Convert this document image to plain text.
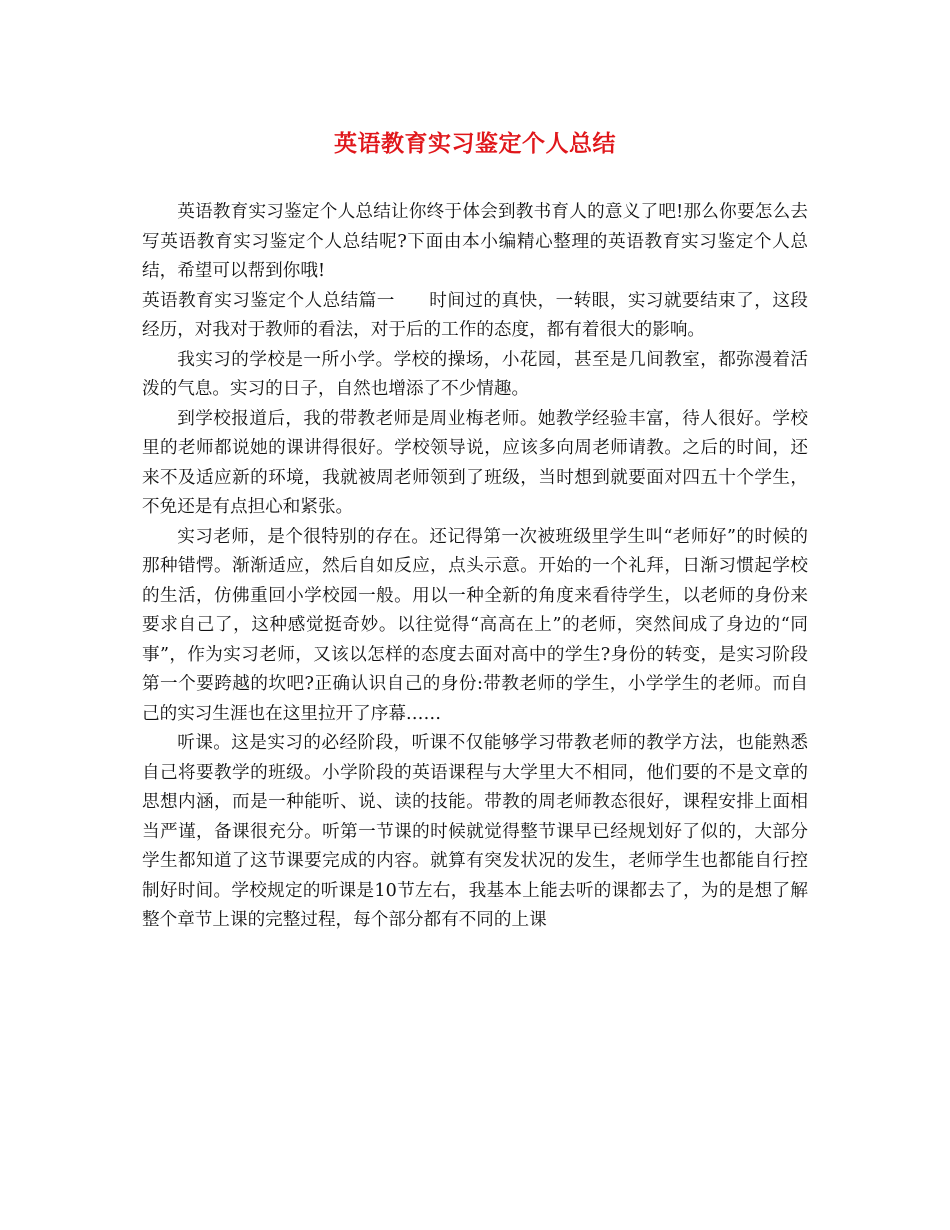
英语教育实习鉴定个人总结

英语教育实习鉴定个人总结让你终于体会到教书育人的意义了吧!那么你要怎么去写英语教育实习鉴定个人总结呢?下面由本小编精心整理的英语教育实习鉴定个人总结，希望可以帮到你哦!

英语教育实习鉴定个人总结篇一 时间过的真快，一转眼，实习就要结束了，这段经历，对我对于教师的看法，对于后的工作的态度，都有着很大的影响。

我实习的学校是一所小学。学校的操场，小花园，甚至是几间教室，都弥漫着活泼的气息。实习的日子，自然也增添了不少情趣。

到学校报道后，我的带教老师是周业梅老师。她教学经验丰富，待人很好。学校里的老师都说她的课讲得很好。学校领导说，应该多向周老师请教。之后的时间，还来不及适应新的环境，我就被周老师领到了班级，当时想到就要面对四五十个学生，不免还是有点担心和紧张。

实习老师，是个很特别的存在。还记得第一次被班级里学生叫“老师好”的时候的那种错愕。渐渐适应，然后自如反应，点头示意。开始的一个礼拜，日渐习惯起学校的生活，仿佛重回小学校园一般。用以一种全新的角度来看待学生，以老师的身份来要求自己了，这种感觉挺奇妙。以往觉得“高高在上”的老师，突然间成了身边的“同事”，作为实习老师，又该以怎样的态度去面对高中的学生?身份的转变，是实习阶段第一个要跨越的坎吧?正确认识自己的身份:带教老师的学生，小学学生的老师。而自己的实习生涯也在这里拉开了序幕……

听课。这是实习的必经阶段，听课不仅能够学习带教老师的教学方法，也能熟悉自己将要教学的班级。小学阶段的英语课程与大学里大不相同，他们要的不是文章的思想内涵，而是一种能听、说、读的技能。带教的周老师教态很好，课程安排上面相当严谨，备课很充分。听第一节课的时候就觉得整节课早已经规划好了似的，大部分学生都知道了这节课要完成的内容。就算有突发状况的发生，老师学生也都能自行控制好时间。学校规定的听课是10节左右，我基本上能去听的课都去了，为的是想了解整个章节上课的完整过程，每个部分都有不同的上课
